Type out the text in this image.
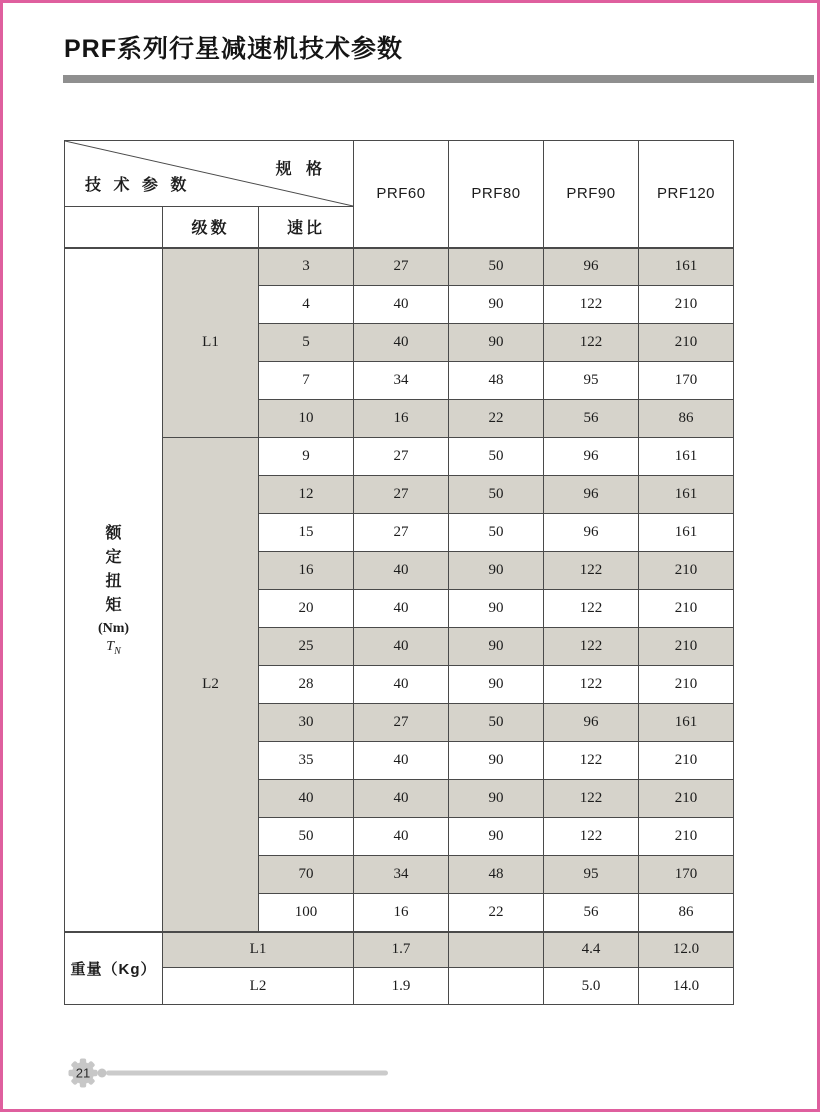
PRF系列行星减速机技术参数
规 格
技 术 参 数			PRF60	PRF80	PRF90	PRF120
	级数	速比				

额定扭矩
(Nm)
$T_N$	L1	3	27	50	96	161
		4	40	90	122	210
		5	40	90	122	210
		7	34	48	95	170
		10	16	22	56	86
	L2	9	27	50	96	161
		12	27	50	96	161
		15	27	50	96	161
		16	40	90	122	210
		20	40	90	122	210
		25	40	90	122	210
		28	40	90	122	210
		30	27	50	96	161
		35	40	90	122	210
		40	40	90	122	210
		50	40	90	122	210
		70	34	48	95	170
		100	16	22	56	86
重量（Kg）	L1		1.7		4.4	12.0
	L2		1.9		5.0	14.0
21
